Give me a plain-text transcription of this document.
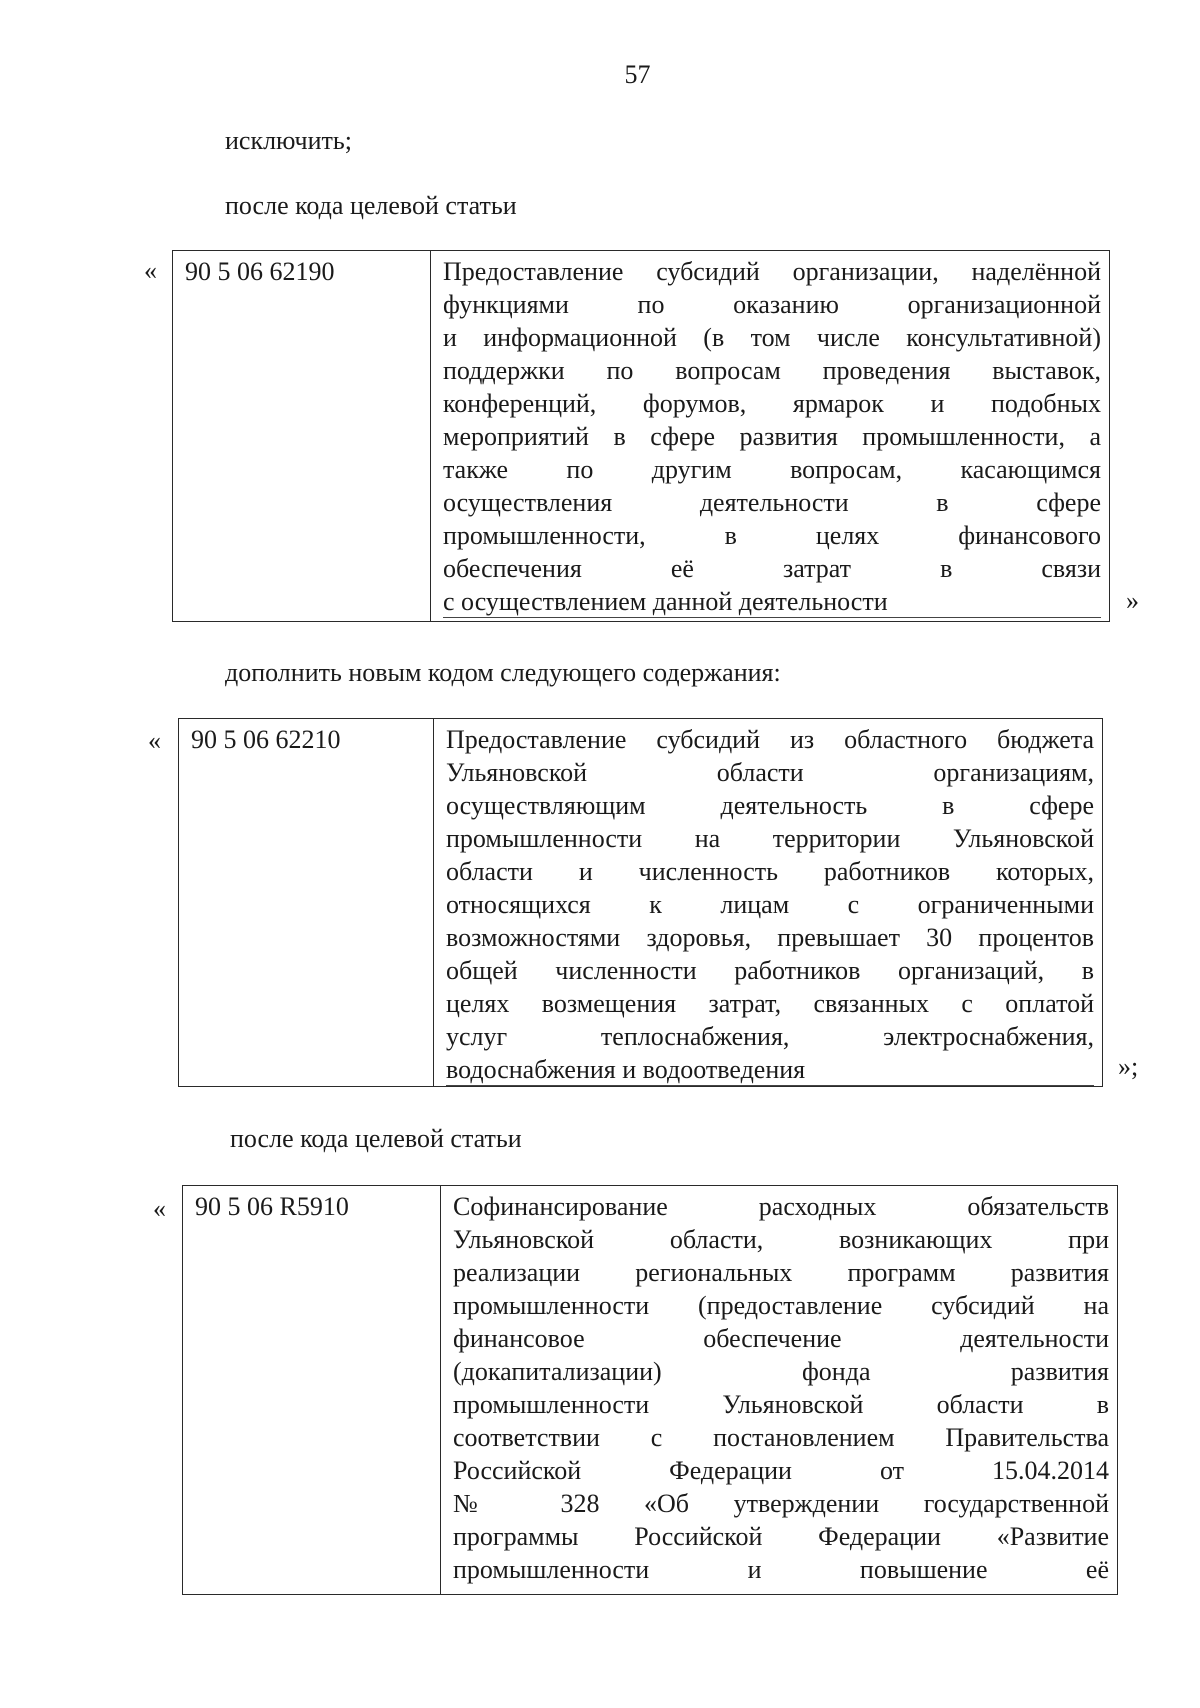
57
исключить;
после кода целевой статьи
«	90 5 06 62190	Предоставление субсидий организации, наделённой
функциями по оказанию организационной
и информационной (в том числе консультативной)
поддержки по вопросам проведения выставок,
конференций, форумов, ярмарок и подобных
мероприятий в сфере развития промышленности, а
также по другим вопросам, касающимся
осуществления деятельности в сфере
промышленности, в целях финансового
обеспечения её затрат в связи
с осуществлением данной деятельности	»
дополнить новым кодом следующего содержания:
«	90 5 06 62210	Предоставление субсидий из областного бюджета
Ульяновской области организациям,
осуществляющим деятельность в сфере
промышленности на территории Ульяновской
области и численность работников которых,
относящихся к лицам с ограниченными
возможностями здоровья, превышает 30 процентов
общей численности работников организаций, в
целях возмещения затрат, связанных с оплатой
услуг теплоснабжения, электроснабжения,
водоснабжения и водоотведения	»;
после кода целевой статьи
«	90 5 06 R5910	Софинансирование расходных обязательств
Ульяновской области, возникающих при
реализации региональных программ развития
промышленности (предоставление субсидий на
финансовое обеспечение деятельности
(докапитализации) фонда развития
промышленности Ульяновской области в
соответствии с постановлением Правительства
Российской Федерации от 15.04.2014
№ 328 «Об утверждении государственной
программы Российской Федерации «Развитие
промышленности и повышение её
